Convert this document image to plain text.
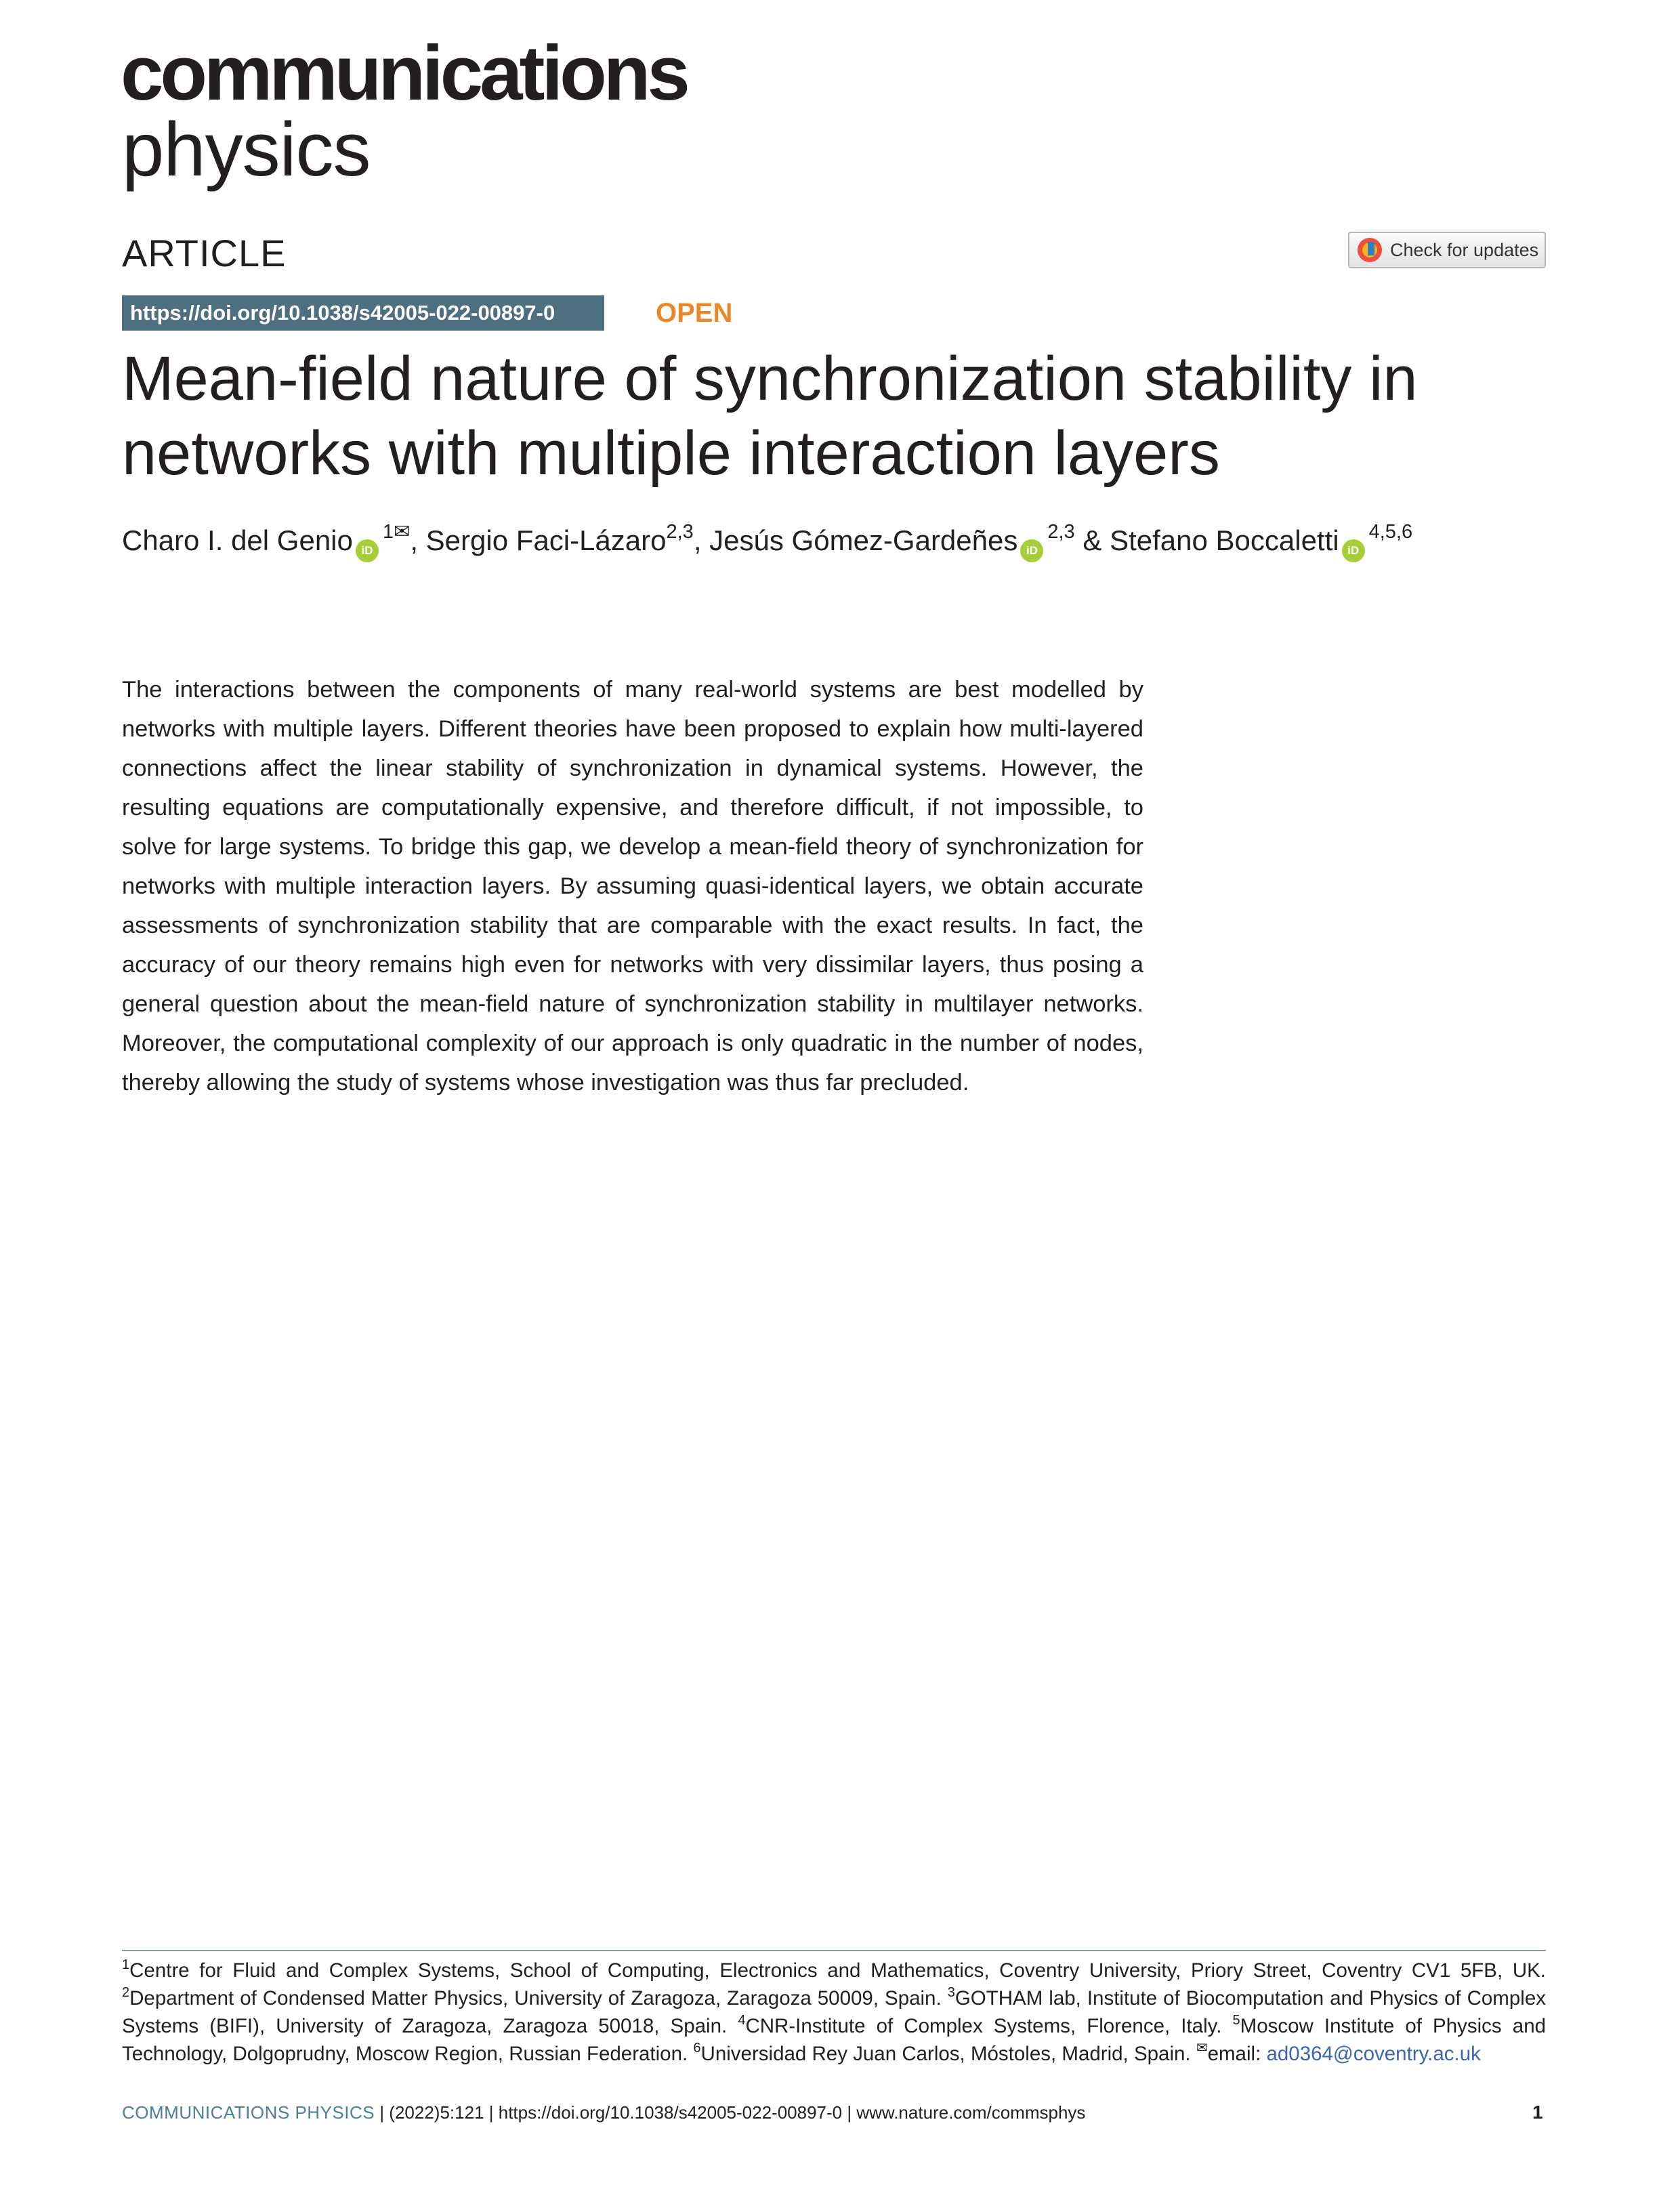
communications
physics
ARTICLE	Check for updates
https://doi.org/10.1038/s42005-022-00897-0	OPEN
Mean-field nature of synchronization stability in networks with multiple interaction layers
Charo I. del Genio $iD^{1✉}$, Sergio Faci-Lázaro$^{2,3}$, Jesús Gómez-Gardeñes iD$^{2,3}$ & Stefano Boccaletti iD$^{4,5,6}$

The interactions between the components of many real-world systems are best modelled by networks with multiple layers. Different theories have been proposed to explain how multi-layered connections affect the linear stability of synchronization in dynamical systems. However, the resulting equations are computationally expensive, and therefore difficult, if not impossible, to solve for large systems. To bridge this gap, we develop a mean-field theory of synchronization for networks with multiple interaction layers. By assuming quasi-identical layers, we obtain accurate assessments of synchronization stability that are comparable with the exact results. In fact, the accuracy of our theory remains high even for networks with very dissimilar layers, thus posing a general question about the mean-field nature of synchronization stability in multilayer networks. Moreover, the computational complexity of our approach is only quadratic in the number of nodes, thereby allowing the study of systems whose investigation was thus far precluded.

$^1$Centre for Fluid and Complex Systems, School of Computing, Electronics and Mathematics, Coventry University, Priory Street, Coventry CV1 5FB, UK. $^2$Department of Condensed Matter Physics, University of Zaragoza, Zaragoza 50009, Spain. $^3$GOTHAM lab, Institute of Biocomputation and Physics of Complex Systems (BIFI), University of Zaragoza, Zaragoza 50018, Spain. $^4$CNR-Institute of Complex Systems, Florence, Italy. $^5$Moscow Institute of Physics and Technology, Dolgoprudny, Moscow Region, Russian Federation. $^6$Universidad Rey Juan Carlos, Móstoles, Madrid, Spain. ✉email: ad0364@coventry.ac.uk

COMMUNICATIONS PHYSICS | (2022)5:121 | https://doi.org/10.1038/s42005-022-00897-0 | www.nature.com/commsphys	1
